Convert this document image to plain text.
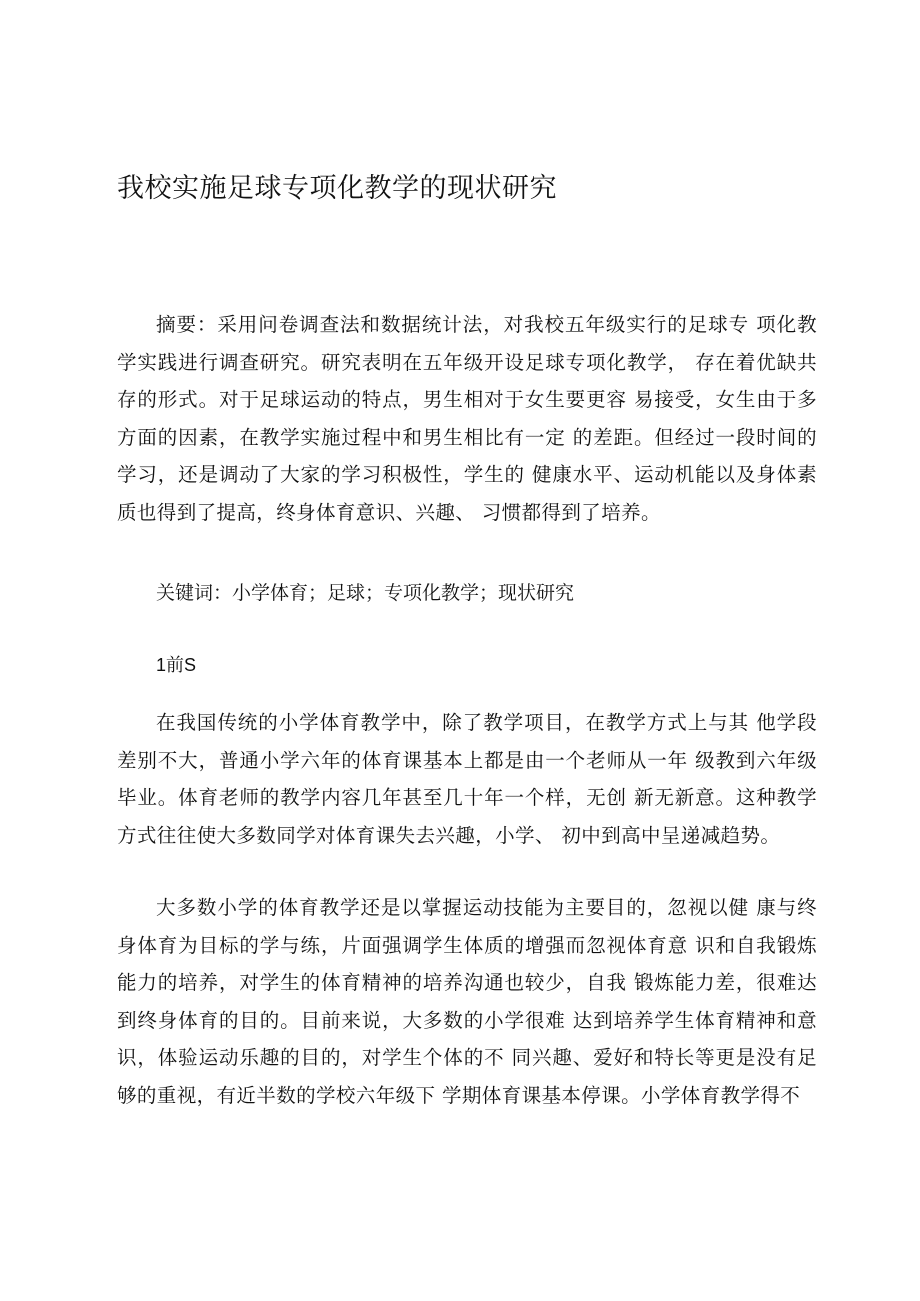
我校实施足球专项化教学的现状研究

摘要：采用问卷调查法和数据统计法，对我校五年级实行的足球专 项化教学实践进行调查研究。研究表明在五年级开设足球专项化教学， 存在着优缺共存的形式。对于足球运动的特点，男生相对于女生要更容 易接受，女生由于多方面的因素，在教学实施过程中和男生相比有一定 的差距。但经过一段时间的学习，还是调动了大家的学习积极性，学生的 健康水平、运动机能以及身体素质也得到了提高，终身体育意识、兴趣、 习惯都得到了培养。

关键词：小学体育；足球；专项化教学；现状研究

1前S

在我国传统的小学体育教学中，除了教学项目，在教学方式上与其 他学段差别不大，普通小学六年的体育课基本上都是由一个老师从一年 级教到六年级毕业。体育老师的教学内容几年甚至几十年一个样，无创 新无新意。这种教学方式往往使大多数同学对体育课失去兴趣，小学、 初中到高中呈递减趋势。

大多数小学的体育教学还是以掌握运动技能为主要目的，忽视以健 康与终身体育为目标的学与练，片面强调学生体质的增强而忽视体育意 识和自我锻炼能力的培养，对学生的体育精神的培养沟通也较少，自我 锻炼能力差，很难达到终身体育的目的。目前来说，大多数的小学很难 达到培养学生体育精神和意识，体验运动乐趣的目的，对学生个体的不 同兴趣、爱好和特长等更是没有足够的重视，有近半数的学校六年级下 学期体育课基本停课。小学体育教学得不
